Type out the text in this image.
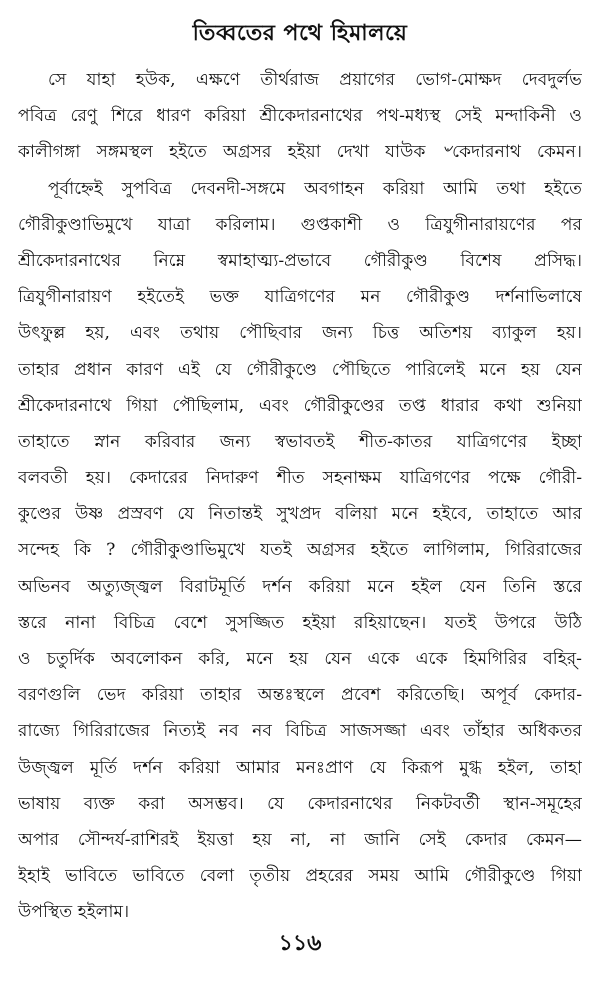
তিব্বতের পথে হিমালয়ে
সে যাহা হউক, এক্ষণে তীর্থরাজ প্রয়াগের ভোগ-মোক্ষদ দেবদুর্লভ
পবিত্র রেণু শিরে ধারণ করিয়া শ্রীকেদারনাথের পথ-মধ্যস্থ সেই মন্দাকিনী ও
কালীগঙ্গা সঙ্গমস্থল হইতে অগ্রসর হইয়া দেখা যাউক ৺কেদারনাথ কেমন।
পূর্বাহ্নেই সুপবিত্র দেবনদী-সঙ্গমে অবগাহন করিয়া আমি তথা হইতে
গৌরীকুণ্ডাভিমুখে যাত্রা করিলাম। গুপ্তকাশী ও ত্রিযুগীনারায়ণের পর
শ্রীকেদারনাথের নিম্নে স্বমাহাত্ম্য-প্রভাবে গৌরীকুণ্ড বিশেষ প্রসিদ্ধ।
ত্রিযুগীনারায়ণ হইতেই ভক্ত যাত্রিগণের মন গৌরীকুণ্ড দর্শনাভিলাষে
উৎফুল্ল হয়, এবং তথায় পৌছিবার জন্য চিত্ত অতিশয় ব্যাকুল হয়।
তাহার প্রধান কারণ এই যে গৌরীকুণ্ডে পৌছিতে পারিলেই মনে হয় যেন
শ্রীকেদারনাথে গিয়া পৌছিলাম, এবং গৌরীকুণ্ডের তপ্ত ধারার কথা শুনিয়া
তাহাতে স্নান করিবার জন্য স্বভাবতই শীত-কাতর যাত্রিগণের ইচ্ছা
বলবতী হয়। কেদারের নিদারুণ শীত সহনাক্ষম যাত্রিগণের পক্ষে গৌরী-
কুণ্ডের উষ্ণ প্রস্রবণ যে নিতান্তই সুখপ্রদ বলিয়া মনে হইবে, তাহাতে আর
সন্দেহ কি ? গৌরীকুণ্ডাভিমুখে যতই অগ্রসর হইতে লাগিলাম, গিরিরাজের
অভিনব অত্যুজ্জ্বল বিরাটমূর্তি দর্শন করিয়া মনে হইল যেন তিনি স্তরে
স্তরে নানা বিচিত্র বেশে সুসজ্জিত হইয়া রহিয়াছেন। যতই উপরে উঠি
ও চতুর্দিক অবলোকন করি, মনে হয় যেন একে একে হিমগিরির বহির্-
বরণগুলি ভেদ করিয়া তাহার অন্তঃস্থলে প্রবেশ করিতেছি। অপূর্ব কেদার-
রাজ্যে গিরিরাজের নিত্যই নব নব বিচিত্র সাজসজ্জা এবং তাঁহার অধিকতর
উজ্জ্বল মূর্তি দর্শন করিয়া আমার মনঃপ্রাণ যে কিরূপ মুগ্ধ হইল, তাহা
ভাষায় ব্যক্ত করা অসম্ভব। যে কেদারনাথের নিকটবর্তী স্থান-সমূহের
অপার সৌন্দর্য-রাশিরই ইয়ত্তা হয় না, না জানি সেই কেদার কেমন—
ইহাই ভাবিতে ভাবিতে বেলা তৃতীয় প্রহরের সময় আমি গৌরীকুণ্ডে গিয়া
উপস্থিত হইলাম।
১১৬
